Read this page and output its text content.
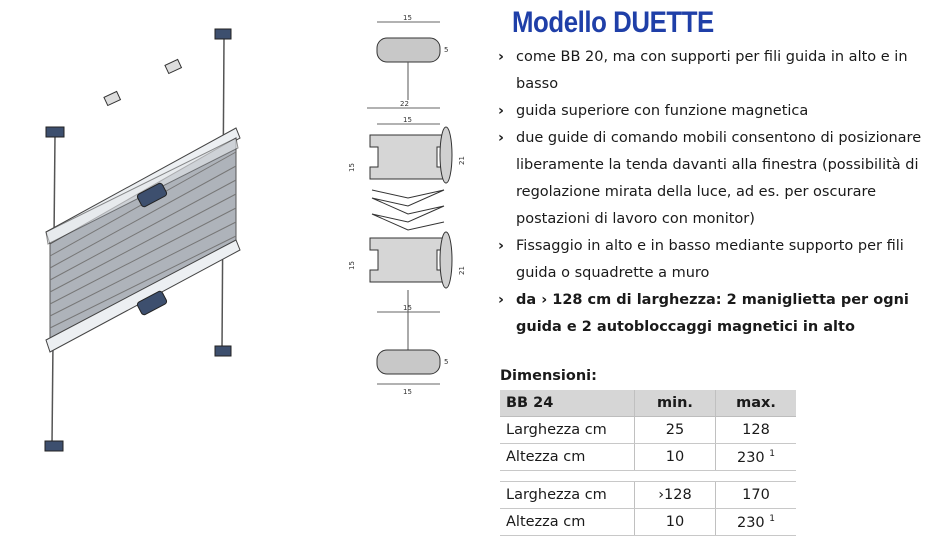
15
5
22
15
15
21
15
21
15
5
15
Modello DUETTE
› come BB 20, ma con supporti per fili guida in alto e in basso
› guida superiore con funzione magnetica
› due guide di comando mobili consentono di posizionare liberamente la tenda davanti alla finestra (possibilità di regolazione mirata della luce, ad es. per oscurare postazioni di lavoro con monitor)
› Fissaggio in alto e in basso mediante supporto per fili guida o squadrette a muro
› da › 128 cm di larghezza: 2 maniglietta per ogni guida e 2 autobloccaggi magnetici in alto

Dimensioni:

BB 24	min.	max.
Larghezza cm	25	128
Altezza cm	10	230 $^1$

Larghezza cm	›128	170
Altezza cm	10	230 $^1$
